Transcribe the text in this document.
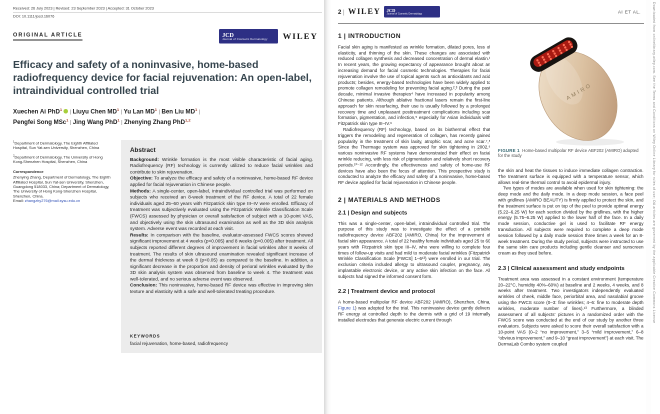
Received: 26 July 2023 | Revised: 23 September 2023 | Accepted: 31 October 2023
DOI: 10.1111/jocd.16076
ORIGINAL ARTICLE	JCD
Journal of Cosmetic Dermatology WILEY
Efficacy and safety of a noninvasive, home-based
radiofrequency device for facial rejuvenation: An open-label,
intraindividual controlled trial
Xuechen Ai PhD$^1$ | Liuyu Chen $MD^1$ | Yu Lan $MD^1$ | Ben Liu $MD^1$ |
Pengfei Song MSc$^1$ | Jing Wang PhD$^1$ | Zhenying Zhang PhD$^{1,2}$
$^1$Department of Dermatology, The Eighth Affiliated Hospital, Sun Yat-sen University, Shenzhen, China
$^2$Department of Dermatology, The University of Hong Kong-Shenzhen Hospital, Shenzhen, China
Correspondence
Zhenying Zhang, Department of Dermatology, The Eighth Affiliated Hospital, Sun Yat-sen University, Shenzhen, Guangdong 518033, China; Department of Dermatology, The University of Hong Kong-Shenzhen Hospital, Shenzhen, China.
Email: zhangzhy276@mail.sysu.edu.cn
Abstract

Background: Wrinkle formation is the most visible characteristic of facial aging. Radiofrequency (RF) technology is currently utilized to reduce facial wrinkles and contribute to skin rejuvenation.

Objective: To analyze the efficacy and safety of a noninvasive, home-based RF device applied for facial rejuvenation in Chinese people.

Methods: A single-center, open-label, intraindividual controlled trial was performed on subjects who received an 8-week treatment of the RF device. A total of 22 female individuals aged 25–60 years with Fitzpatrick skin type III–IV were enrolled. Efficacy of treatment was subjectively evaluated using the Fitzpatrick Wrinkle Classification Scale (FWCS) assessed by physician or overall satisfaction of subject with a 10-point VAS, and objectively using the skin ultrasound examination as well as the 3D skin analysis system. Adverse event was recorded at each visit.

Results: In comparison with the baseline, evaluator-assessed FWCS scores showed significant improvement at 4 weeks (p<0.005) and 8 weeks (p<0.005) after treatment. All subjects reported different degrees of improvement in facial wrinkles after 8 weeks of treatment. The results of skin ultrasound examination revealed significant increase of the dermal thickness at week 8 (p<0.05) as compared to the baseline. In addition, a significant decrease in the proportion and density of perioral wrinkles evaluated by the 3D skin analysis system was observed from baseline to week 4. The treatment was well-tolerated, and no serious adverse event was observed.

Conclusion: This noninvasive, home-based RF device was effective in improving skin texture and elasticity with a safe and well-tolerated treating procedure.

KEYWORDS
facial rejuvenation, home-based, radiofrequency
2 | WILEY JCD
Journal of Cosmetic Dermatology	AI ET AL.
1 | INTRODUCTION

Facial skin aging is manifested as wrinkle formation, dilated pores, loss of elasticity, and thinning of the skin. These changes are associated with reduced collagen synthesis and decreased concentration of dermal elastin.¹ In recent years, the growing expectancy of appearance brought about an increasing demand for facial cosmetic technologies. Therapies for facial rejuvenation involve the use of topical agents such as antioxidants and acid products; besides, energy-based technologies have been widely applied to promote collagen remodeling for preventing facial aging.²,³ During the past decade, minimal invasive therapies⁴ have increased in popularity among Chinese patients. Although ablative fractional lasers remain the first-line approach for skin resurfacing, their use is usually followed by a prolonged recovery time and unpleasant posttreatment complications including scar formation, pigmentation, and infection,⁵ especially for Asian individuals with Fitzpatrick skin type III–IV.⁶

Radiofrequency (RF) technology, based on its biothermal effect that triggers the remodeling and regeneration of collagen, has recently gained popularity in the treatment of skin laxity, atrophic scar, and acne scar.⁷,⁸ Since the Thermage system was approved for skin tightening in 2002,⁹ various noninvasive RF systems have demonstrated their effect on facial wrinkle reducing, with less risk of pigmentation and relatively short recovery periods.¹⁰⁻¹² Accordingly, the effectiveness and safety of home-use RF devices have also been the focus of attention. This prospective study is conducted to analyze the efficacy and safety of a noninvasive, home-based RF device applied for facial rejuvenation in Chinese people.

2 | MATERIALS AND METHODS
2.1 | Design and subjects

This was a single-center, open-label, intraindividual controlled trial. The purpose of this study was to investigate the effect of a portable radiofrequency device ABF202 (AMIRO, China) for the improvement of facial skin appearance. A total of 22 healthy female individuals aged 25 to 60 years with Fitzpatrick skin type III–IV, who were willing to complete four times of follow-up visits and had mild to moderate facial wrinkles (Fitzpatrick Wrinkle Classification Scale [FWCS] 1–6¹³) were enrolled in our trial. The exclusion criteria included allergy to ultrasound coupler, pregnancy, any implantable electronic device, or any active skin infection on the face. All subjects had signed the informed consent form.

2.2 | Treatment device and protocol

A home-based multipolar RF device ABF202 (AMIRO), Shenzhen, China, Figure 1) was adopted for the trial. This noninvasive device gently delivers RF energy at controlled depth to the dermis with a grid of 19 internally installed electrodes that generate electric current through

AMIRO
FIGURE 1 Home-based multipolar RF device ABF202 (AMIRO) adopted for the study

the skin and heat the tissues to induce immediate collagen contraction. The treatment surface is equipped with a temperature sensor, which allows real-time thermal control to avoid epidermal injury.

Two types of modes are available when used for skin tightening: the deep mode and the daily mode. In a deep mode session, a face peel with gridlines (AMIRO BEAUTY) is firmly applied to protect the skin, and the treatment surface is put on top of the peel to provide optimal energy (5.22–6.25 W) for each section divided by the gridlines, with the higher energy (5.75–6.25 W) applied to the lower half of the face. In a daily mode session, conductive gel is used to facilitate RF energy transduction. All subjects were required to complete a deep mode session followed by a daily mode session three times a week for an 8-week treatment. During the study period, subjects were instructed to use the same skin care products including gentle cleanser and sunscreen cream as they used before.

2.3 | Clinical assessment and study endpoints

Treatment area was assessed in a constant environment (temperature 20–22°C, humidity 40%–60%) at baseline and 2 weeks, 4 weeks, and 8 weeks after treatment. Two investigators independently evaluated wrinkles of cheek, middle face, periorbital area, and nasolabial groove using the FWCS score (0–3: fine wrinkles; 4–6: fine to moderate depth wrinkles, moderate number of lines).¹³ Furthermore, a blinded assessment of all subjects’ pictures in a randomized order with the FWCS score was conducted at the end of our study by another three evaluators. Subjects were asked to score their overall satisfaction with a 10-point VAS (0–2 “no improvement,” 3–5 “mild improvement,” 6–8 “obvious improvement,” and 9–10 “great improvement”) at each visit. The DermaLab Combo system coupled

Downloaded from onlinelibrary.wiley.com. See the Terms and Conditions on Wiley Online Library for rules of use; OA articles are governed by the applicable Creative Commons License
